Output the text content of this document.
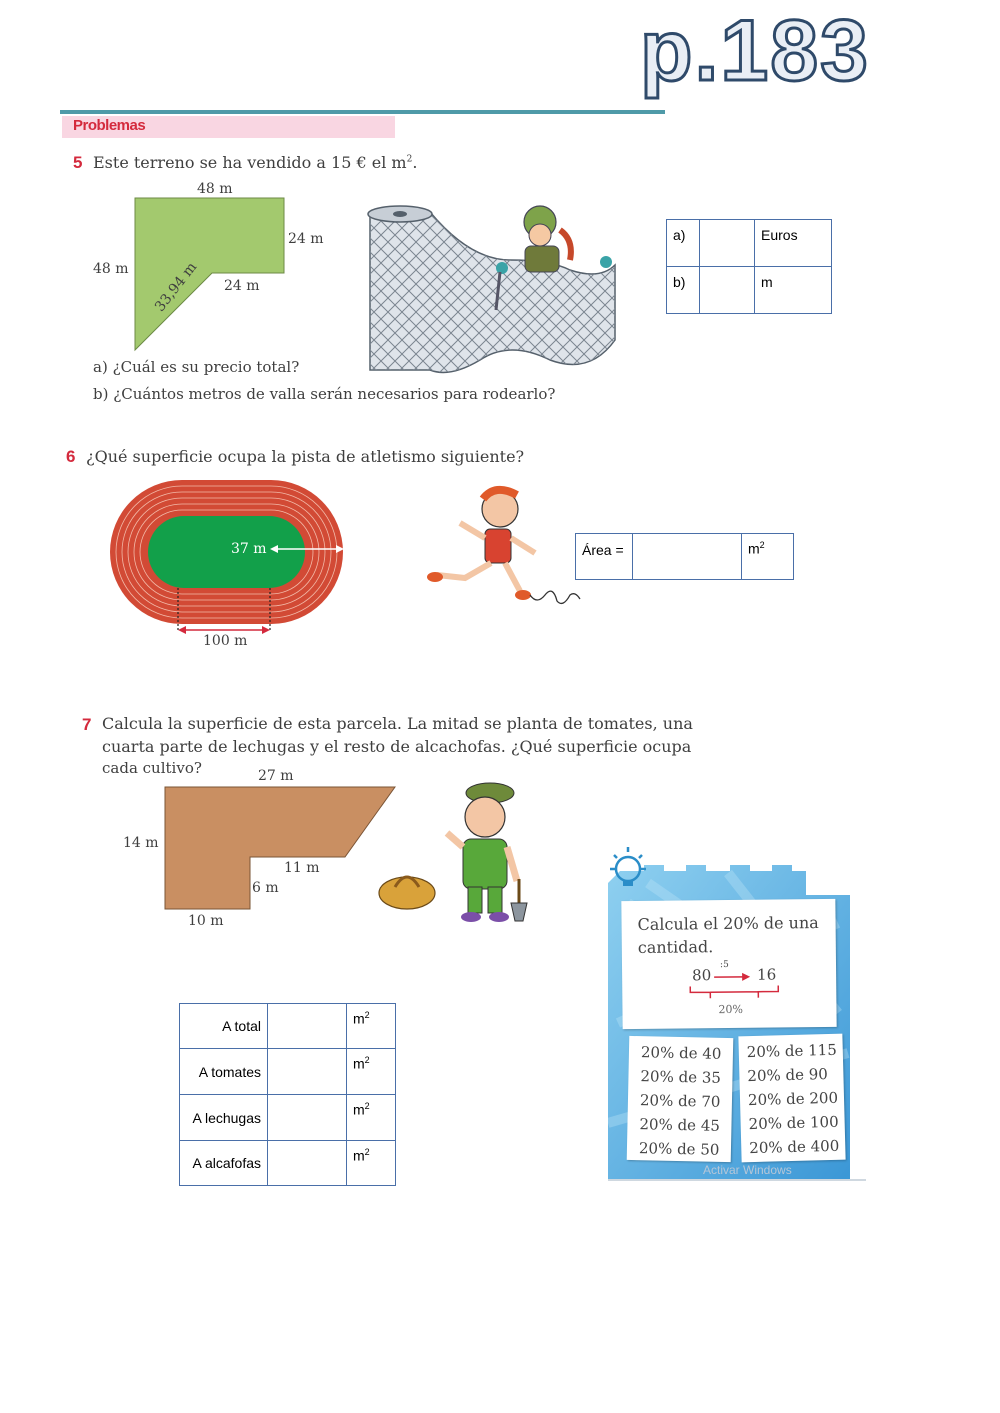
p.183
Problemas
5 Este terreno se ha vendido a 15 € el $m^2$.
48 m
24 m
48 m
24 m
33,94 m
a) ¿Cuál es su precio total?
b) ¿Cuántos metros de valla serán necesarios para rodearlo?
a)		Euros
b)		m
6 ¿Qué superficie ocupa la pista de atletismo siguiente?
37 m
100 m
Área =		$m^2$
7 Calcula la superficie de esta parcela. La mitad se planta de tomates, una
cuarta parte de lechugas y el resto de alcachofas. ¿Qué superficie ocupa
cada cultivo?	27 m
14 m
11 m
6 m
10 m
A total		$m^2$
A tomates		$m^2$
A lechugas		$m^2$
A alcafofas		$m^2$
Calcula el 20% de una
cantidad.
80
:5
16
20%
20% de 40
20% de 35
20% de 70
20% de 45
20% de 50
20% de 115
20% de 90
20% de 200
20% de 100
20% de 400
Activar Windows
